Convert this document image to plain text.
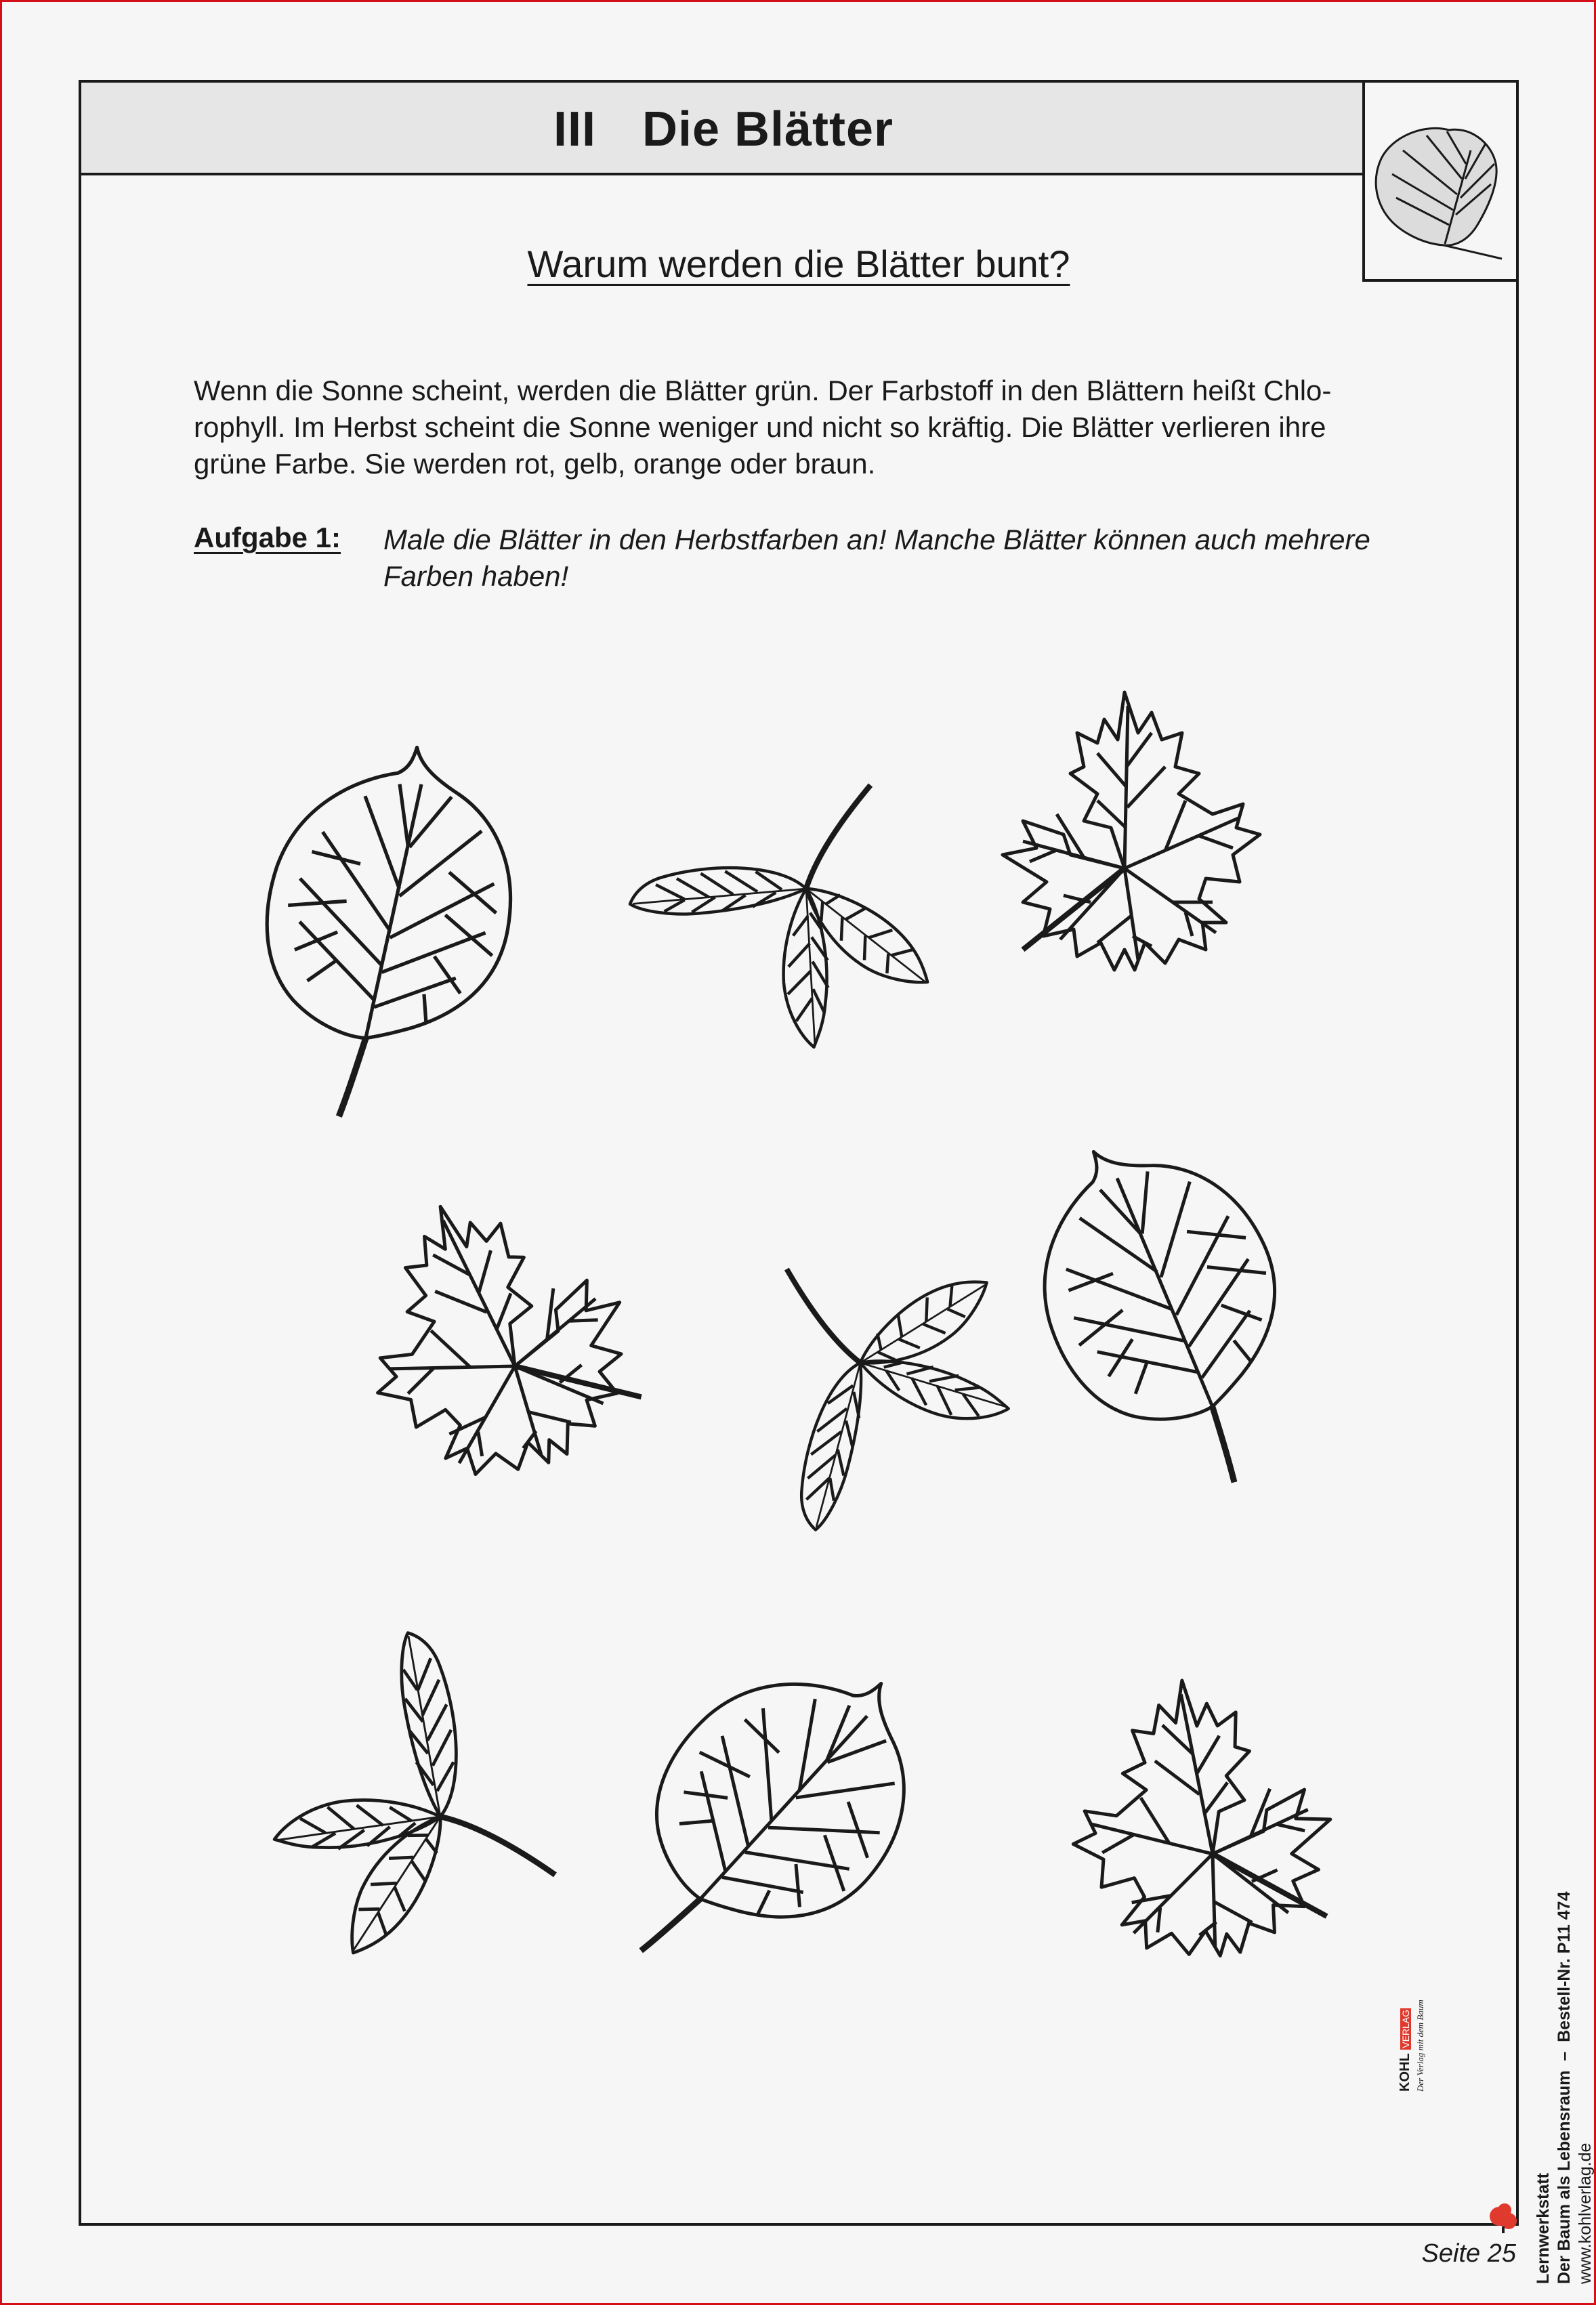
III Die Blätter
Warum werden die Blätter bunt?

Wenn die Sonne scheint, werden die Blätter grün. Der Farbstoff in den Blättern heißt Chlo-

rophyll. Im Herbst scheint die Sonne weniger und nicht so kräftig. Die Blätter verlieren ihre

grüne Farbe. Sie werden rot, gelb, orange oder braun.

Aufgabe 1: Male die Blätter in den Herbstfarben an! Manche Blätter können auch mehrere
Farben haben!
Lernwerkstatt Der Baum als Lebensraum  –  Bestell-Nr. P11 474
www.kohlverlag.de
KOHL VERLAG Der Verlag mit dem Baum
Seite 25
